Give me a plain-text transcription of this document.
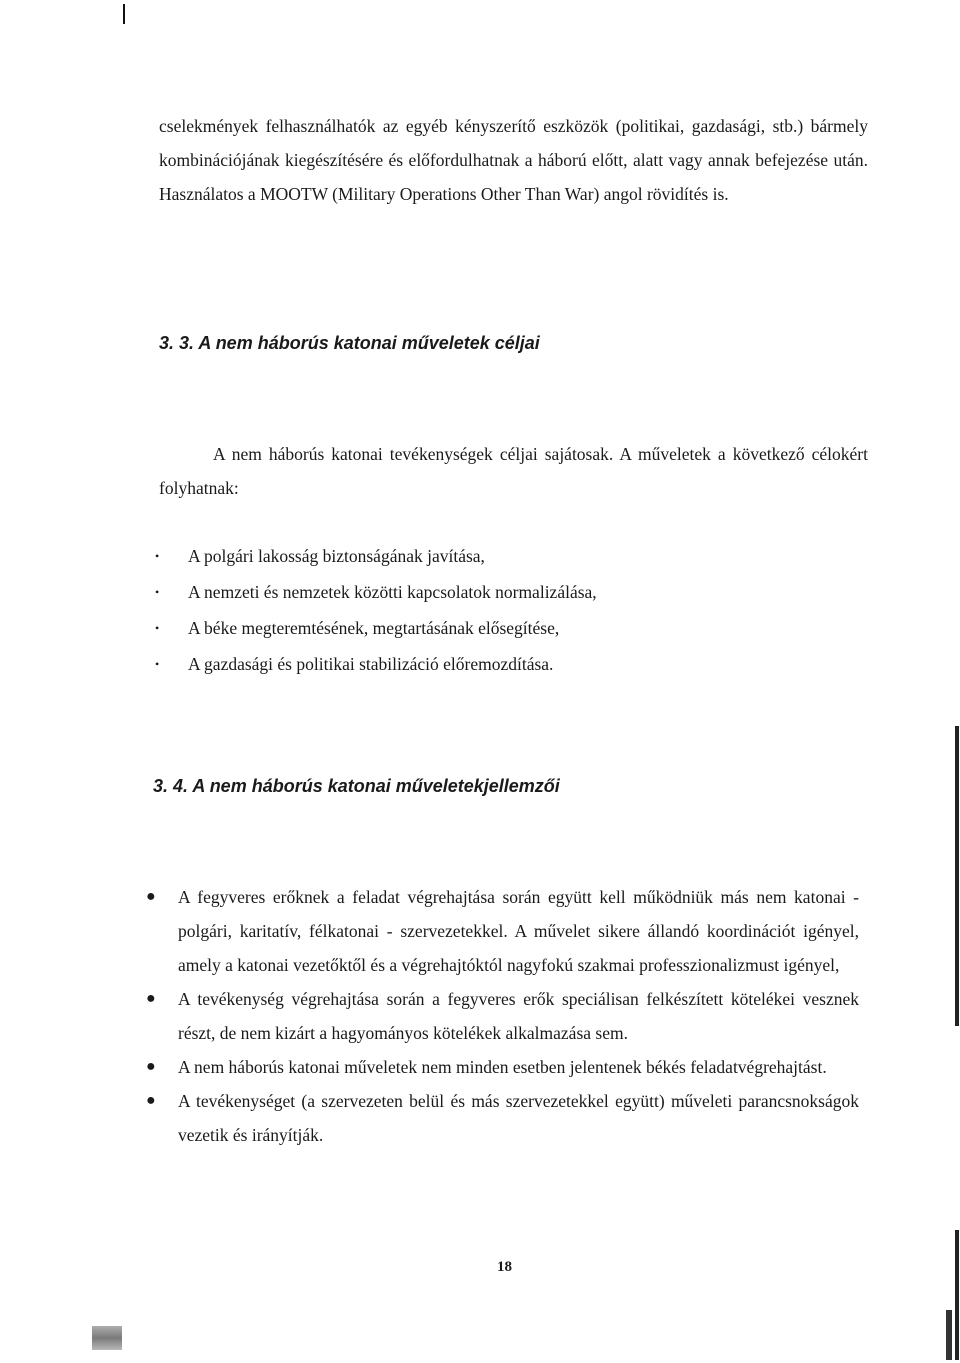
cselekmények felhasználhatók az egyéb kényszerítő eszközök (politikai, gazdasági, stb.) bármely kombinációjának kiegészítésére és előfordulhatnak a háború előtt, alatt vagy annak befejezése után. Használatos a MOOTW (Military Operations Other Than War) angol rövidítés is.

3. 3. A nem háborús katonai műveletek céljai

A nem háborús katonai tevékenységek céljai sajátosak. A műveletek a következő célokért folyhatnak:

• A polgári lakosság biztonságának javítása,
• A nemzeti és nemzetek közötti kapcsolatok normalizálása,
• A béke megteremtésének, megtartásának elősegítése,
• A gazdasági és politikai stabilizáció előremozdítása.
3. 4. A nem háborús katonai műveletekjellemzői
● A fegyveres erőknek a feladat végrehajtása során együtt kell működniük más nem katonai - polgári, karitatív, félkatonai - szervezetekkel. A művelet sikere állandó koordinációt igényel, amely a katonai vezetőktől és a végrehajtóktól nagyfokú szakmai professzionalizmust igényel,
● A tevékenység végrehajtása során a fegyveres erők speciálisan felkészített kötelékei vesznek részt, de nem kizárt a hagyományos kötelékek alkalmazása sem.
● A nem háborús katonai műveletek nem minden esetben jelentenek békés feladatvégrehajtást.
● A tevékenységet (a szervezeten belül és más szervezetekkel együtt) műveleti parancsnokságok vezetik és irányítják.

18
